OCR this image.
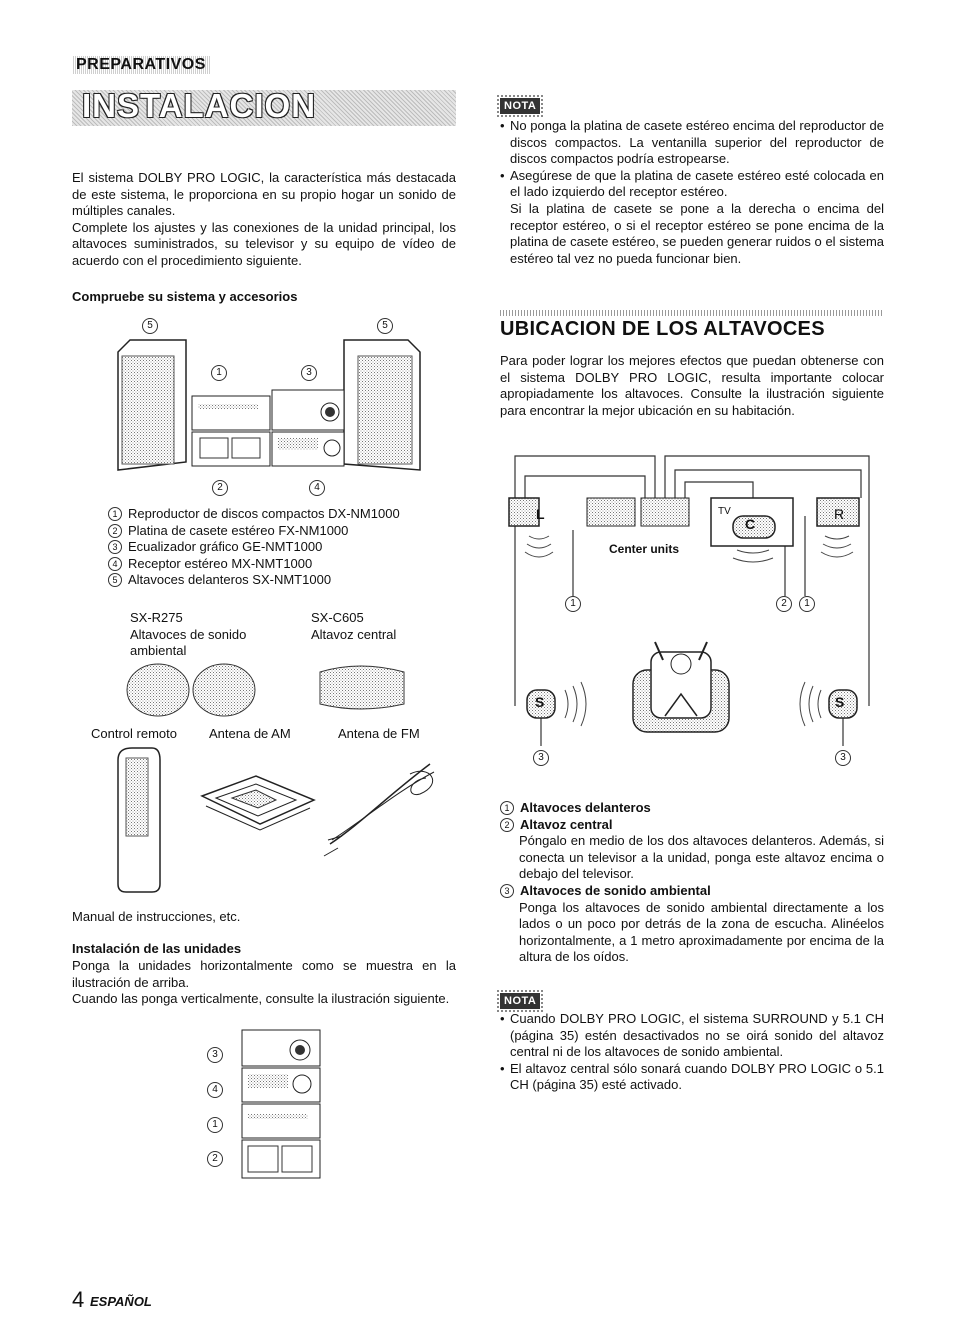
PREPARATIVOS
INSTALACION

El sistema DOLBY PRO LOGIC, la característica más destacada de este sistema, le proporciona en su propio hogar un sonido de múltiples canales.

Complete los ajustes y las conexiones de la unidad principal, los altavoces suministrados, su televisor y su equipo de vídeo de acuerdo con el procedimiento siguiente.

Compruebe su sistema y accesorios
5	5
1	3
2	4
1 Reproductor de discos compactos DX-NM1000
2 Platina de casete estéreo FX-NM1000
3 Ecualizador gráfico GE-NMT1000
4 Receptor estéreo MX-NMT1000
5 Altavoces delanteros SX-NMT1000
SX-R275
Altavoces de sonido ambiental
SX-C605
Altavoz central
Control remoto Antena de AM	Antena de FM
Manual de instrucciones, etc.
Instalación de las unidades

Ponga la unidades horizontalmente como se muestra en la ilustración de arriba.

Cuando las ponga verticalmente, consulte la ilustración siguiente.

3
4
1
2
NOTA
• No ponga la platina de casete estéreo encima del reproductor de discos compactos. La ventanilla superior del reproductor de discos compactos podría estropearse.
• Asegúrese de que la platina de casete estéreo esté colocada en el lado izquierdo del receptor estéreo.

Si la platina de casete se pone a la derecha o encima del receptor estéreo, o si el receptor estéreo se pone encima de la platina de casete estéreo, se pueden generar ruidos o el sistema estéreo tal vez no pueda funcionar bien.

UBICACION DE LOS ALTAVOCES

Para poder lograr los mejores efectos que puedan obtenerse con el sistema DOLBY PRO LOGIC, resulta importante colocar apropiadamente los altavoces. Consulte la ilustración siguiente para encontrar la mejor ubicación en su habitación.

L	R
C
TV
Center units
S	S
1	2	1
3	3
1 Altavoces delanteros
2 Altavoz central

Póngalo en medio de los dos altavoces delanteros. Además, si conecta un televisor a la unidad, ponga este altavoz encima o debajo del televisor.

3 Altavoces de sonido ambiental

Ponga los altavoces de sonido ambiental directamente a los lados o un poco por detrás de la zona de escucha. Alinéelos horizontalmente, a 1 metro aproximadamente por encima de la altura de los oídos.

NOTA
• Cuando DOLBY PRO LOGIC, el sistema SURROUND y 5.1 CH (página 35) estén desactivados no se oirá sonido del altavoz central ni de los altavoces de sonido ambiental.
• El altavoz central sólo sonará cuando DOLBY PRO LOGIC o 5.1 CH (página 35) esté activado.
4 ESPAÑOL
